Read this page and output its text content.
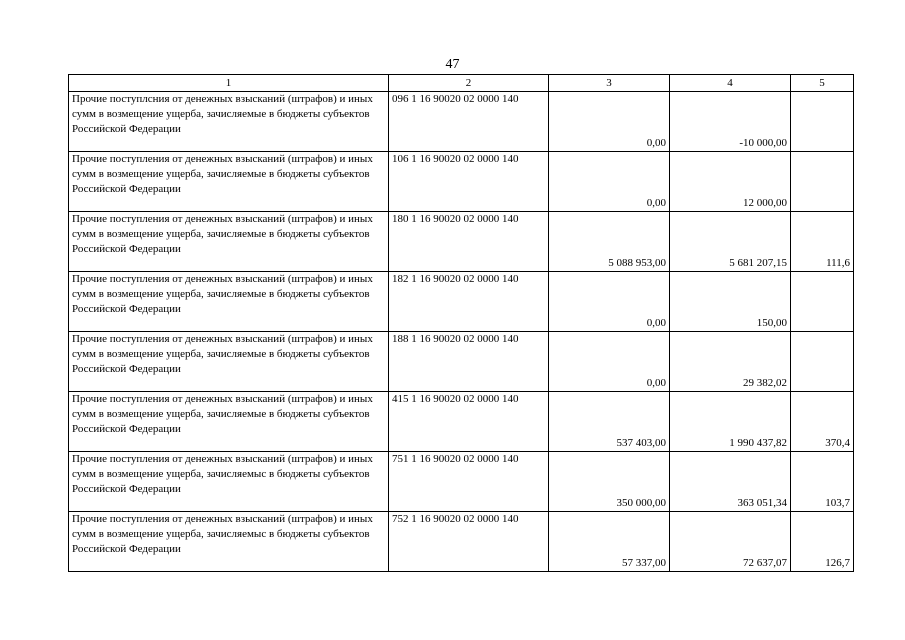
47
1	2	3	4	5
Прочие поступлсния от денежных взысканий (штрафов) и иных сумм в возмещение ущерба, зачисляемые в бюджеты субъектов Российской Федерации	096 1 16 90020 02 0000 140	0,00	-10 000,00	
Прочие поступления от денежных взысканий (штрафов) и иных сумм в возмещение ущерба, зачисляемые в бюджеты субъектов Российской Федерации	106 1 16 90020 02 0000 140	0,00	12 000,00	
Прочие поступления от денежных взысканий (штрафов) и иных сумм в возмещение ущерба, зачисляемые в бюджеты субъектов Российской Федерации	180 1 16 90020 02 0000 140	5 088 953,00	5 681 207,15	111,6
Прочие поступления от денежных взысканий (штрафов) и иных сумм в возмещение ущерба, зачисляемые в бюджеты субъектов Российской Федерации	182 1 16 90020 02 0000 140	0,00	150,00	
Прочие поступления от денежных взысканий (штрафов) и иных сумм в возмещение ущерба, зачисляемые в бюджеты субъектов Российской Федерации	188 1 16 90020 02 0000 140	0,00	29 382,02	
Прочие поступления от денежных взысканий (штрафов) и иных сумм в возмещение ущерба, зачисляемые в бюджеты субъектов Российской Федерации	415 1 16 90020 02 0000 140	537 403,00	1 990 437,82	370,4
Прочие поступления от денежных взысканий (штрафов) и иных сумм в возмещение ущерба, зачисляемыс в бюджеты субъектов Российской Федерации	751 1 16 90020 02 0000 140	350 000,00	363 051,34	103,7
Прочие поступления от денежных взысканий (штрафов) и иных сумм в возмещение ущерба, зачисляемыс в бюджеты субъектов Российской Федерации	752 1 16 90020 02 0000 140	57 337,00	72 637,07	126,7
